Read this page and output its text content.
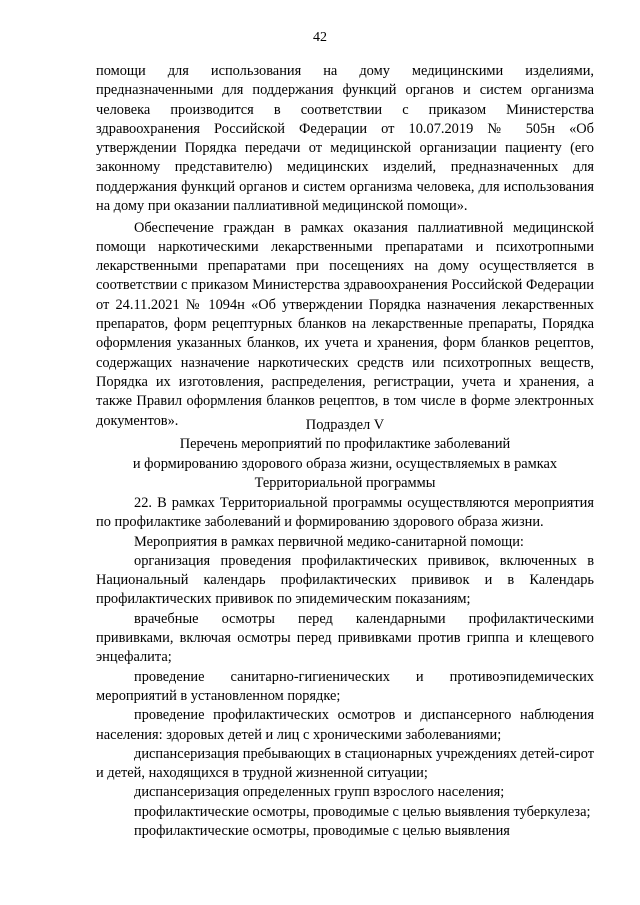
42

помощи для использования на дому медицинскими изделиями, предназначенными для поддержания функций органов и систем организма человека производится в соответствии с приказом Министерства здравоохранения Российской Федерации от 10.07.2019 № 505н «Об утверждении Порядка передачи от медицинской организации пациенту (его законному представителю) медицинских изделий, предназначенных для поддержания функций органов и систем организма человека, для использования на дому при оказании паллиативной медицинской помощи».

Обеспечение граждан в рамках оказания паллиативной медицинской помощи наркотическими лекарственными препаратами и психотропными лекарственными препаратами при посещениях на дому осуществляется в соответствии с приказом Министерства здравоохранения Российской Федерации от 24.11.2021 № 1094н «Об утверждении Порядка назначения лекарственных препаратов, форм рецептурных бланков на лекарственные препараты, Порядка оформления указанных бланков, их учета и хранения, форм бланков рецептов, содержащих назначение наркотических средств или психотропных веществ, Порядка их изготовления, распределения, регистрации, учета и хранения, а также Правил оформления бланков рецептов, в том числе в форме электронных документов».	Подраздел V

Перечень мероприятий по профилактике заболеваний

и формированию здорового образа жизни, осуществляемых в рамках

Территориальной программы

22. В рамках Территориальной программы осуществляются мероприятия по профилактике заболеваний и формированию здорового образа жизни.

Мероприятия в рамках первичной медико-санитарной помощи:

организация проведения профилактических прививок, включенных в Национальный календарь профилактических прививок и в Календарь профилактических прививок по эпидемическим показаниям;

врачебные осмотры перед календарными профилактическими прививками, включая осмотры перед прививками против гриппа и клещевого энцефалита;

проведение санитарно-гигиенических и противоэпидемических мероприятий в установленном порядке;

проведение профилактических осмотров и диспансерного наблюдения населения: здоровых детей и лиц с хроническими заболеваниями;

диспансеризация пребывающих в стационарных учреждениях детей-сирот и детей, находящихся в трудной жизненной ситуации;

диспансеризация определенных групп взрослого населения;

профилактические осмотры, проводимые с целью выявления туберкулеза;

профилактические осмотры, проводимые с целью выявления
